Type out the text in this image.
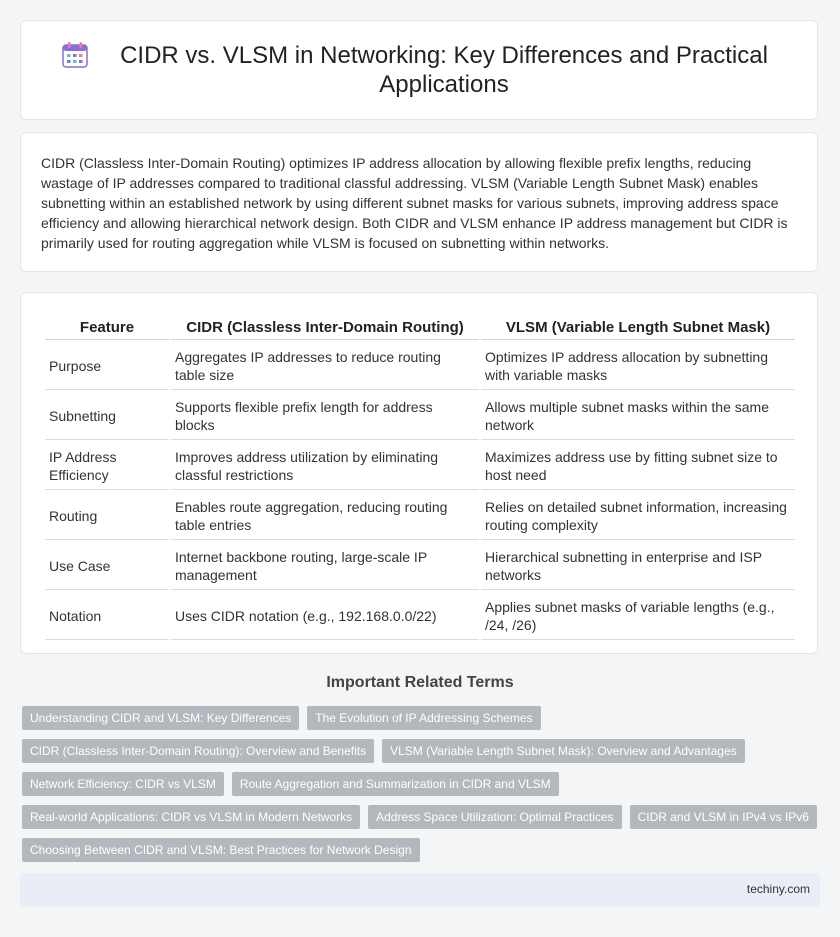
CIDR vs. VLSM in Networking: Key Differences and Practical Applications

CIDR (Classless Inter-Domain Routing) optimizes IP address allocation by allowing flexible prefix lengths, reducing wastage of IP addresses compared to traditional classful addressing. VLSM (Variable Length Subnet Mask) enables subnetting within an established network by using different subnet masks for various subnets, improving address space efficiency and allowing hierarchical network design. Both CIDR and VLSM enhance IP address management but CIDR is primarily used for routing aggregation while VLSM is focused on subnetting within networks.

Feature	CIDR (Classless Inter-Domain Routing)	VLSM (Variable Length Subnet Mask)
Purpose	Aggregates IP addresses to reduce routing table size	Optimizes IP address allocation by subnetting with variable masks
Subnetting	Supports flexible prefix length for address blocks	Allows multiple subnet masks within the same network
IP Address Efficiency	Improves address utilization by eliminating classful restrictions	Maximizes address use by fitting subnet size to host need
Routing	Enables route aggregation, reducing routing table entries	Relies on detailed subnet information, increasing routing complexity
Use Case	Internet backbone routing, large-scale IP management	Hierarchical subnetting in enterprise and ISP networks
Notation	Uses CIDR notation (e.g., 192.168.0.0/22)	Applies subnet masks of variable lengths (e.g., /24, /26)
Important Related Terms
Understanding CIDR and VLSM: Key Differences	The Evolution of IP Addressing Schemes
CIDR (Classless Inter-Domain Routing): Overview and Benefits	VLSM (Variable Length Subnet Mask): Overview and Advantages
Network Efficiency: CIDR vs VLSM	Route Aggregation and Summarization in CIDR and VLSM
Real-world Applications: CIDR vs VLSM in Modern Networks	Address Space Utilization: Optimal Practices	CIDR and VLSM in IPv4 vs IPv6
Choosing Between CIDR and VLSM: Best Practices for Network Design
techiny.com
